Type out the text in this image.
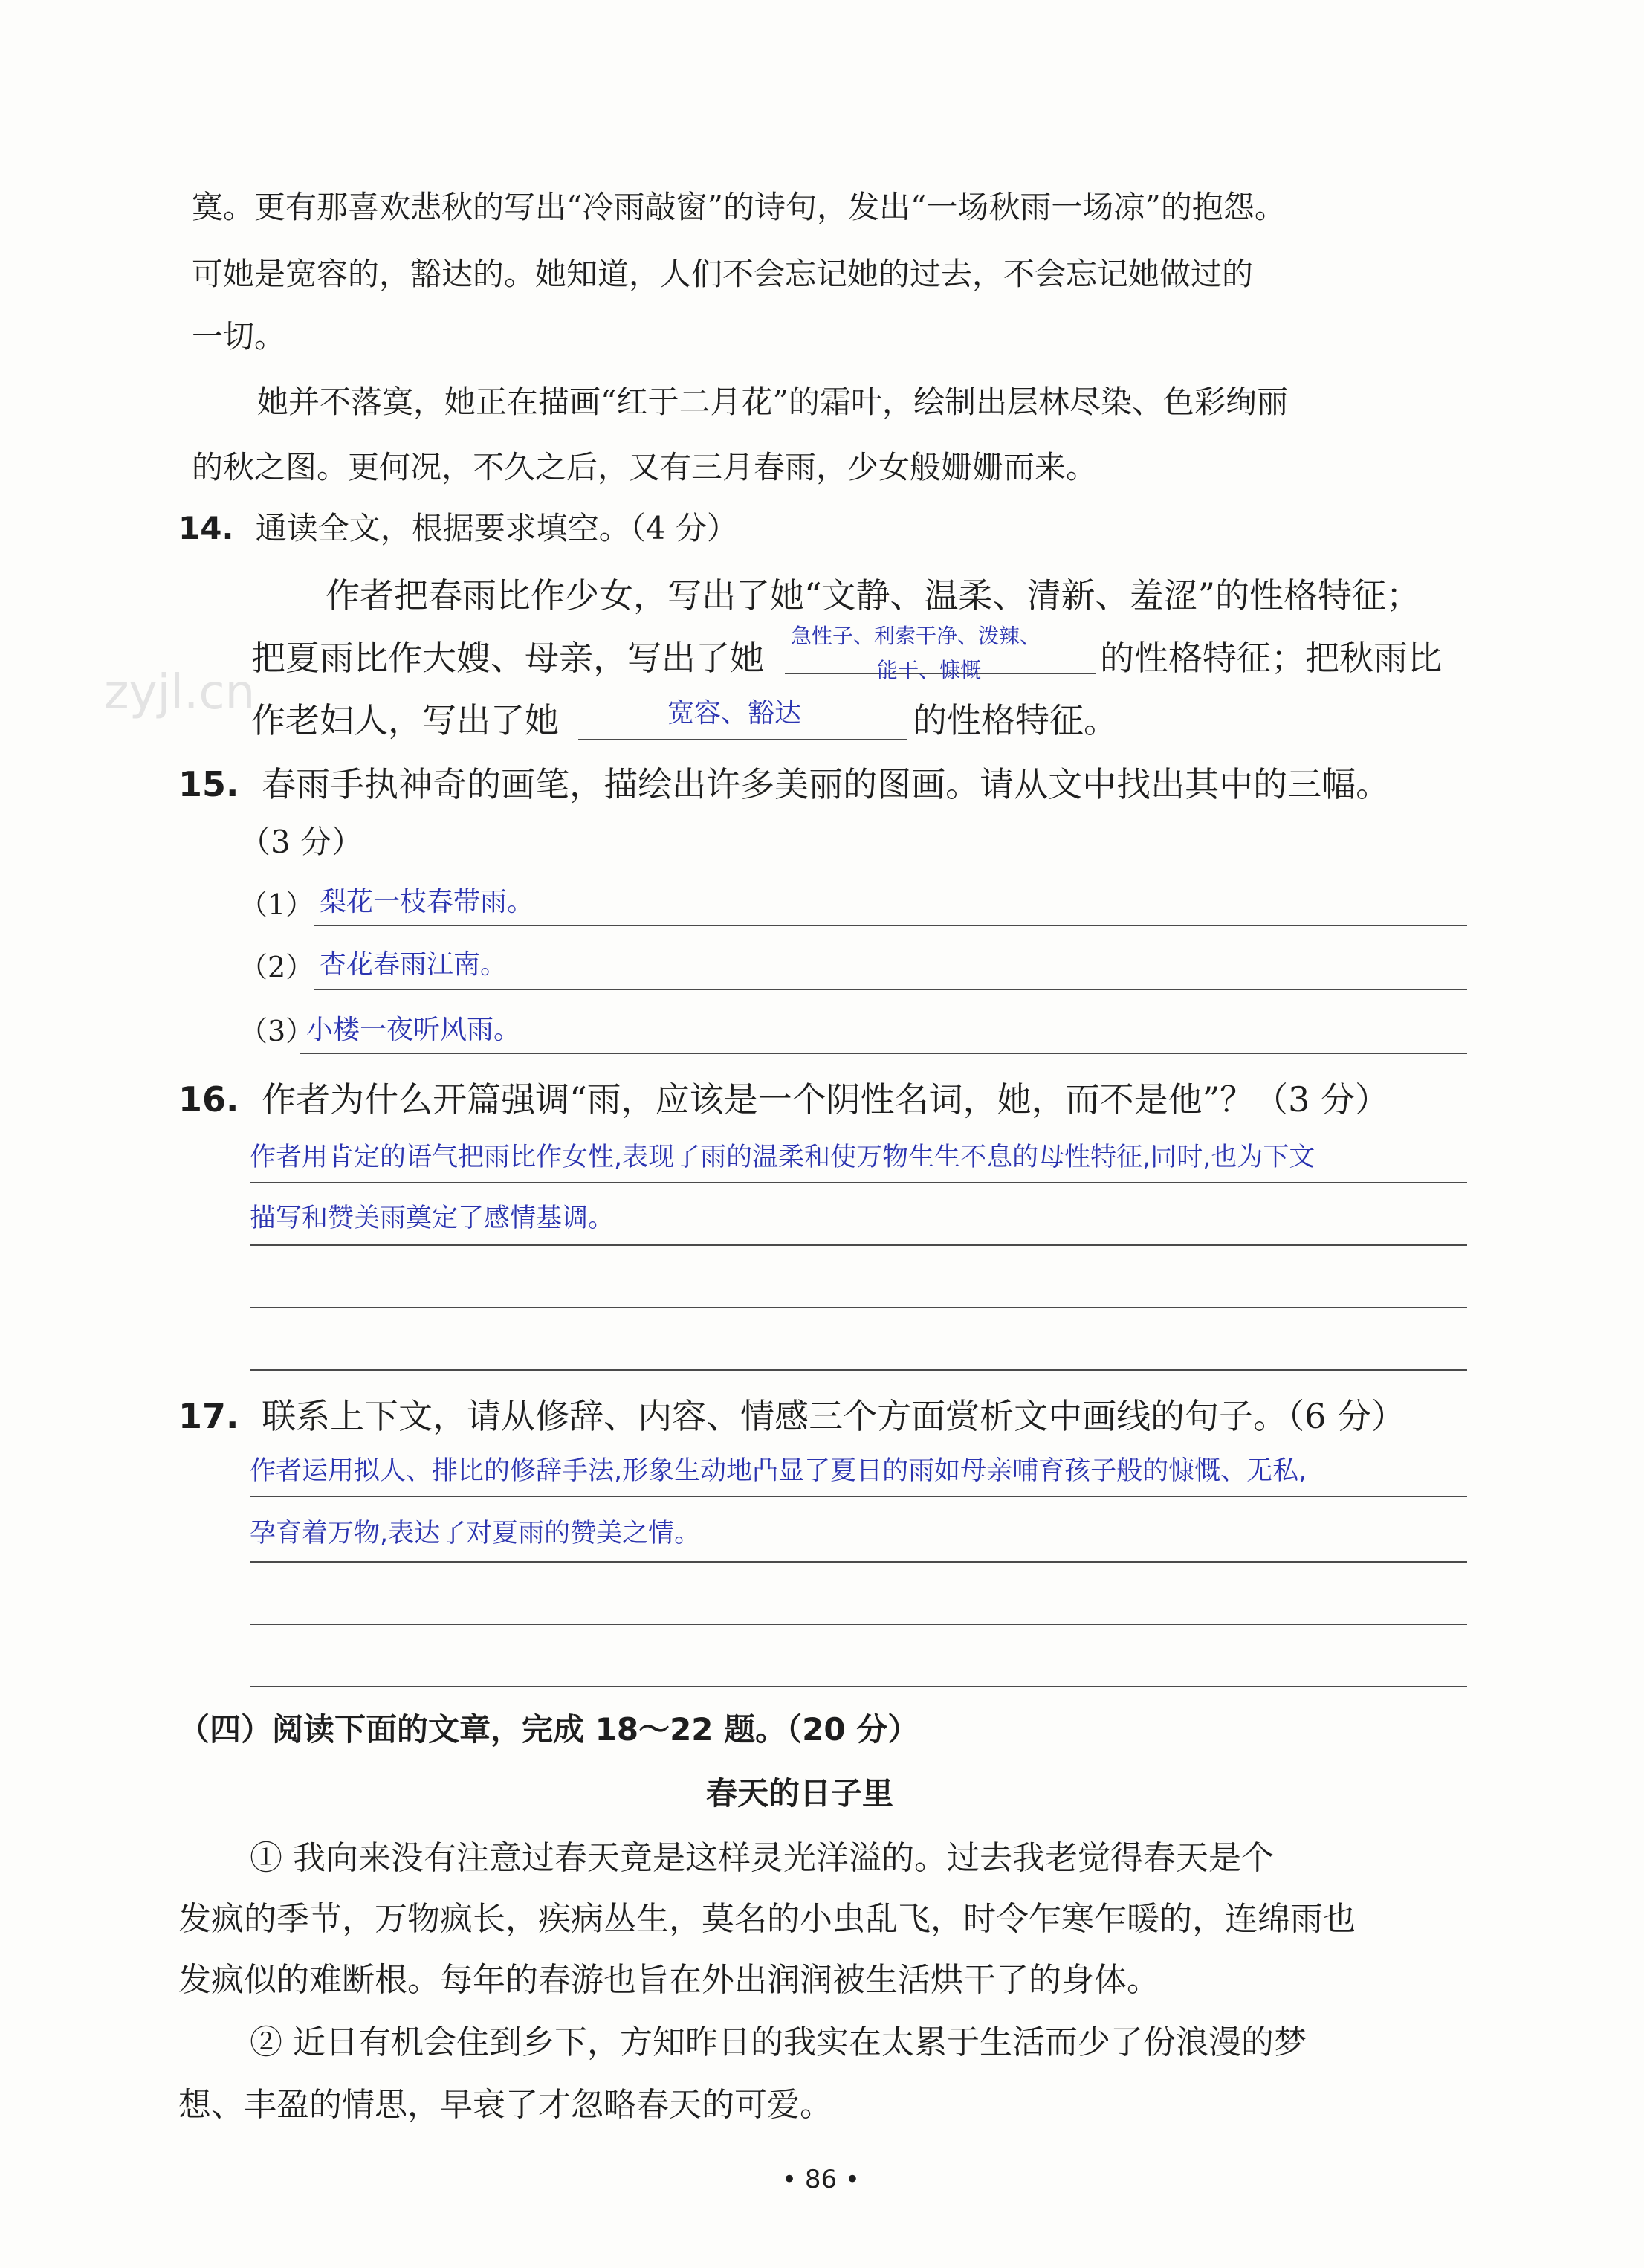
寞。更有那喜欢悲秋的写出“冷雨敲窗”的诗句，发出“一场秋雨一场凉”的抱怨。
可她是宽容的，豁达的。她知道，人们不会忘记她的过去，不会忘记她做过的
一切。
她并不落寞，她正在描画“红于二月花”的霜叶，绘制出层林尽染、色彩绚丽
的秋之图。更何况，不久之后，又有三月春雨，少女般姗姗而来。
14. 通读全文，根据要求填空。（4 分）
作者把春雨比作少女，写出了她“文静、温柔、清新、羞涩”的性格特征；
把夏雨比作大嫂、母亲，写出了她
急性子、利索干净、泼辣、
能干、慷慨	的性格特征；把秋雨比
作老妇人，写出了她	宽容、豁达	的性格特征。
zyjl.cn
15. 春雨手执神奇的画笔，描绘出许多美丽的图画。请从文中找出其中的三幅。
（3 分）
（1） 梨花一枝春带雨。
（2） 杏花春雨江南。
（3）
小楼一夜听风雨。
16. 作者为什么开篇强调“雨，应该是一个阴性名词，她，而不是他”？（3 分）
作者用肯定的语气把雨比作女性,表现了雨的温柔和使万物生生不息的母性特征,同时,也为下文
描写和赞美雨奠定了感情基调。
17. 联系上下文，请从修辞、内容、情感三个方面赏析文中画线的句子。（6 分）
作者运用拟人、排比的修辞手法,形象生动地凸显了夏日的雨如母亲哺育孩子般的慷慨、无私,
孕育着万物,表达了对夏雨的赞美之情。
（四）阅读下面的文章，完成 18～22 题。（20 分）
春天的日子里
① 我向来没有注意过春天竟是这样灵光洋溢的。过去我老觉得春天是个
发疯的季节，万物疯长，疾病丛生，莫名的小虫乱飞，时令乍寒乍暖的，连绵雨也
发疯似的难断根。每年的春游也旨在外出润润被生活烘干了的身体。
② 近日有机会住到乡下，方知昨日的我实在太累于生活而少了份浪漫的梦
想、丰盈的情思，早衰了才忽略春天的可爱。
• 86 •
